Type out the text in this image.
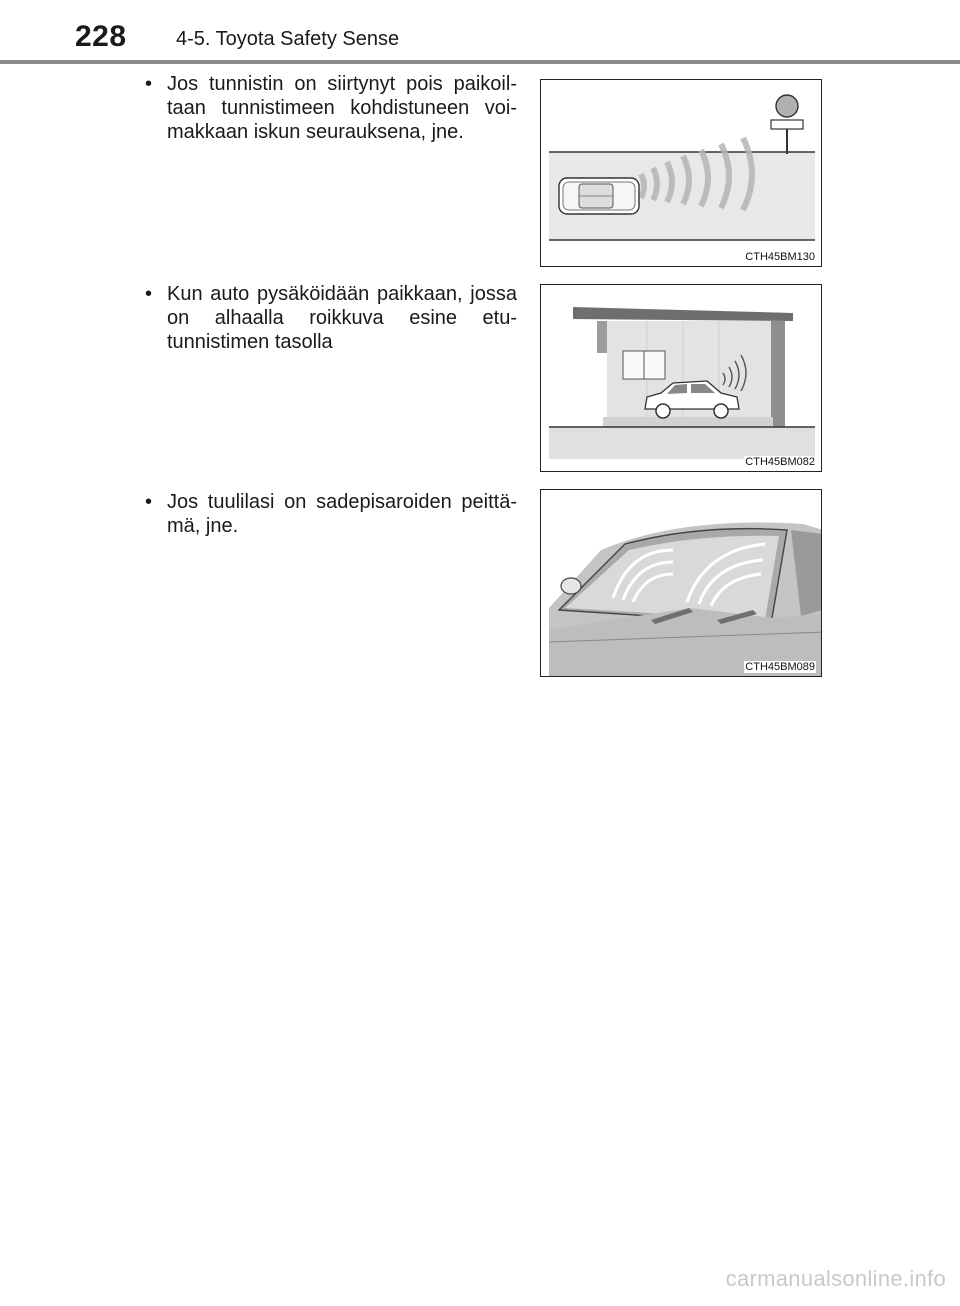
228 4-5. Toyota Safety Sense
• Jos tunnistin on siirtynyt pois paikoiltaan tunnistimeen kohdistuneen voimakkaan iskun seurauksena, jne.
CTH45BM130
• Kun auto pysäköidään paikkaan, jossa on alhaalla roikkuva esine etutunnistimen tasolla
CTH45BM082
• Jos tuulilasi on sadepisaroiden peittämä, jne.
CTH45BM089
carmanualsonline.info
